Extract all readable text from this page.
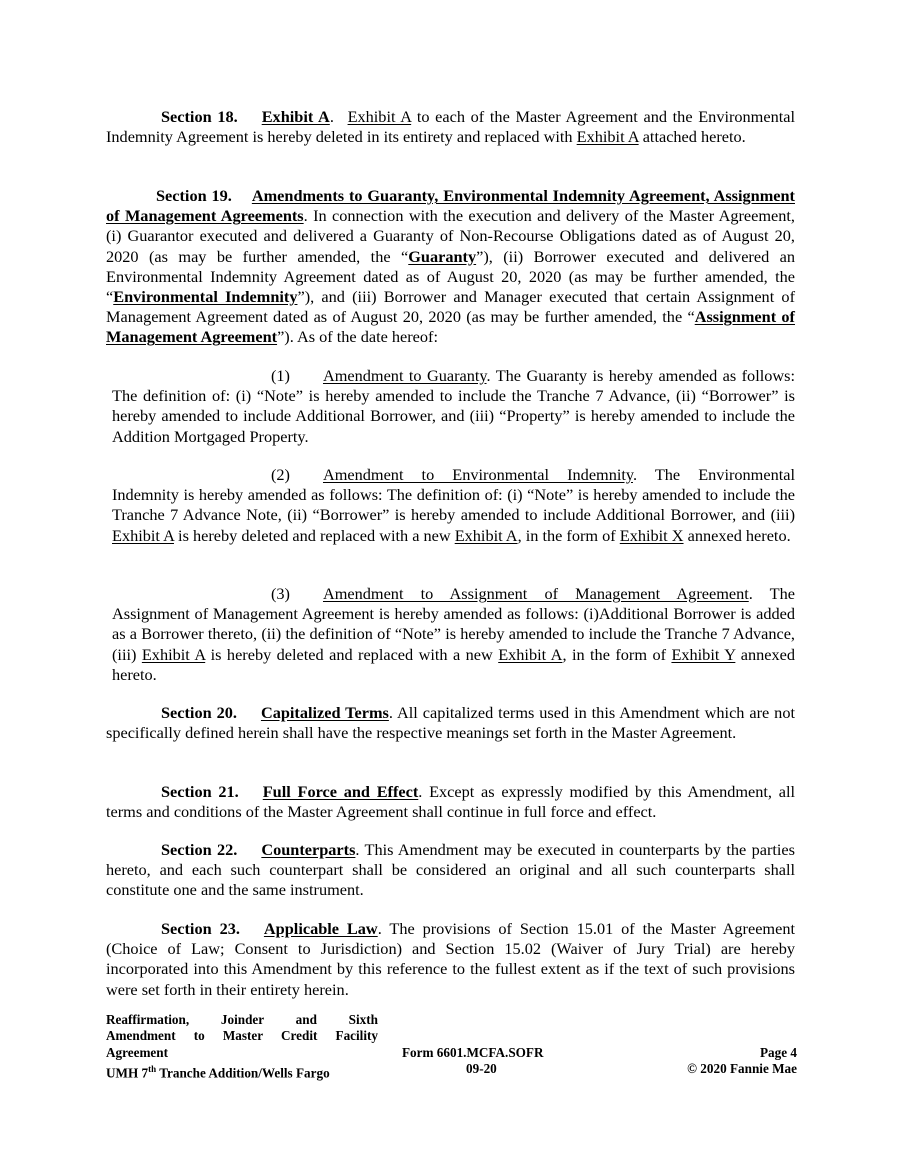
Section 18. Exhibit A. Exhibit A to each of the Master Agreement and the Environmental Indemnity Agreement is hereby deleted in its entirety and replaced with Exhibit A attached hereto.

Section 19. Amendments to Guaranty, Environmental Indemnity Agreement, Assignment of Management Agreements. In connection with the execution and delivery of the Master Agreement, (i) Guarantor executed and delivered a Guaranty of Non-Recourse Obligations dated as of August 20, 2020 (as may be further amended, the “Guaranty”), (ii) Borrower executed and delivered an Environmental Indemnity Agreement dated as of August 20, 2020 (as may be further amended, the “Environmental Indemnity”), and (iii) Borrower and Manager executed that certain Assignment of Management Agreement dated as of August 20, 2020 (as may be further amended, the “Assignment of Management Agreement”). As of the date hereof:

(1) Amendment to Guaranty. The Guaranty is hereby amended as follows: The definition of: (i) “Note” is hereby amended to include the Tranche 7 Advance, (ii) “Borrower” is hereby amended to include Additional Borrower, and (iii) “Property” is hereby amended to include the Addition Mortgaged Property.

(2) Amendment to Environmental Indemnity. The Environmental Indemnity is hereby amended as follows: The definition of: (i) “Note” is hereby amended to include the Tranche 7 Advance Note, (ii) “Borrower” is hereby amended to include Additional Borrower, and (iii) Exhibit A is hereby deleted and replaced with a new Exhibit A, in the form of Exhibit X annexed hereto.

(3) Amendment to Assignment of Management Agreement. The Assignment of Management Agreement is hereby amended as follows: (i)Additional Borrower is added as a Borrower thereto, (ii) the definition of “Note” is hereby amended to include the Tranche 7 Advance, (iii) Exhibit A is hereby deleted and replaced with a new Exhibit A, in the form of Exhibit Y annexed hereto.

Section 20. Capitalized Terms. All capitalized terms used in this Amendment which are not specifically defined herein shall have the respective meanings set forth in the Master Agreement.

Section 21. Full Force and Effect. Except as expressly modified by this Amendment, all terms and conditions of the Master Agreement shall continue in full force and effect.

Section 22. Counterparts. This Amendment may be executed in counterparts by the parties hereto, and each such counterpart shall be considered an original and all such counterparts shall constitute one and the same instrument.

Section 23. Applicable Law. The provisions of Section 15.01 of the Master Agreement (Choice of Law; Consent to Jurisdiction) and Section 15.02 (Waiver of Jury Trial) are hereby incorporated into this Amendment by this reference to the fullest extent as if the text of such provisions were set forth in their entirety herein.

Reaffirmation, Joinder and Sixth
Amendment to Master Credit Facility
Agreement
UMH 7th Tranche Addition/Wells Fargo
Form 6601.MCFA.SOFR
09-20
Page 4
© 2020 Fannie Mae
